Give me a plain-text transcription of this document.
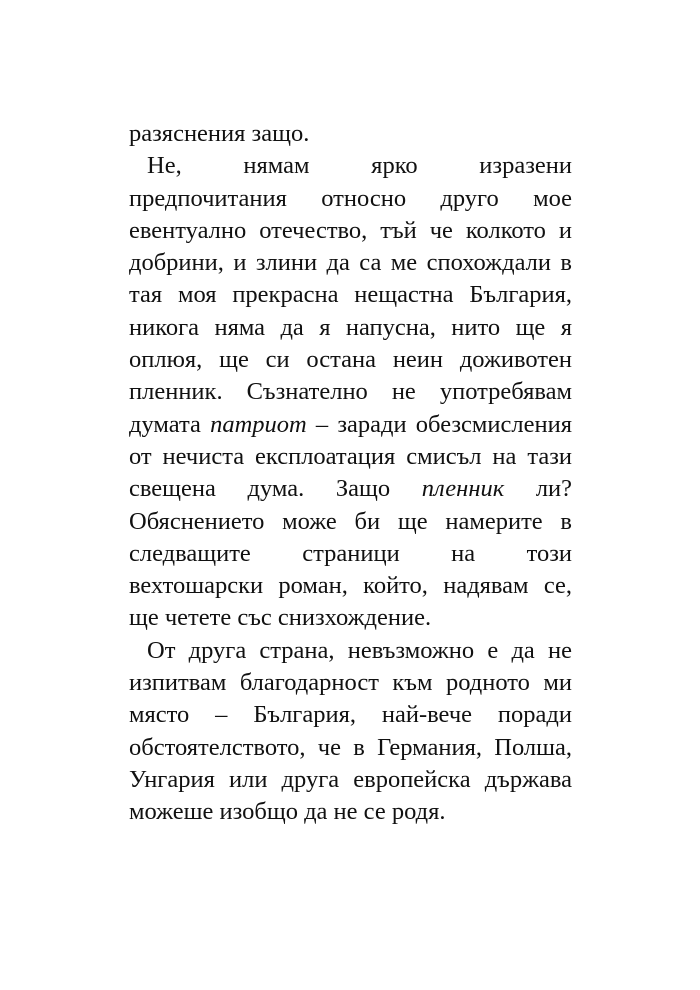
разяснения защо.
Не, нямам ярко изразени
предпочитания относно друго мое
евентуално отечество, тъй че колкото и
добрини, и злини да са ме спохождали в
тая моя прекрасна нещастна България,
никога няма да я напусна, нито ще я
оплюя, ще си остана неин доживотен
пленник. Съзнателно не употребявам
думата патриот – заради обезсмисления
от нечиста експлоатация смисъл на тази
свещена дума. Защо пленник ли?
Обяснението може би ще намерите в
следващите страници на този
вехтошарски роман, който, надявам се,
ще четете със снизхождение.
От друга страна, невъзможно е да не
изпитвам благодарност към родното ми
място – България, най-вече поради
обстоятелството, че в Германия, Полша,
Унгария или друга европейска държава
можеше изобщо да не се родя.
